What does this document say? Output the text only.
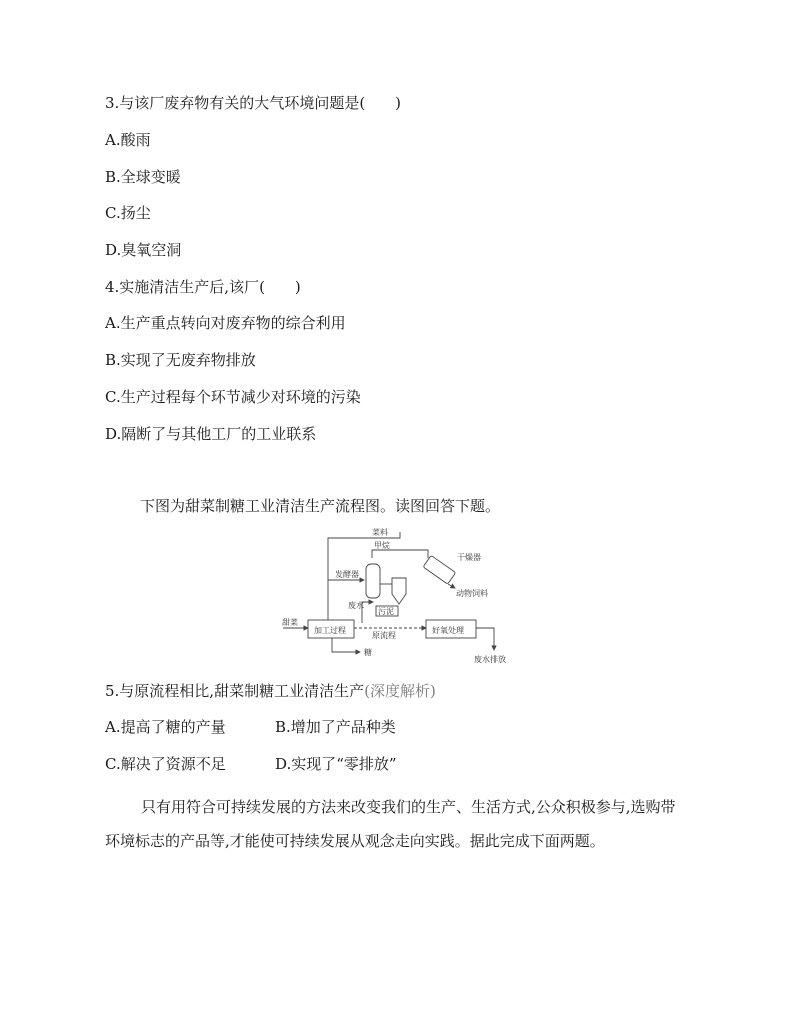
3.与该厂废弃物有关的大气环境问题是(　　)
A.酸雨
B.全球变暖
C.扬尘
D.臭氧空洞
4.实施清洁生产后,该厂(　　)
A.生产重点转向对废弃物的综合利用
B.实现了无废弃物排放
C.生产过程每个环节减少对环境的污染
D.隔断了与其他工厂的工业联系
下图为甜菜制糖工业清洁生产流程图。读图回答下题。
菜料
甲烷
干燥器
动物饲料
发酵器
废水
污泥
甜菜
加工过程
原流程
好氧处理
废水排放
糖
5.与原流程相比,甜菜制糖工业清洁生产(深度解析)
A.提高了糖的产量	B.增加了产品种类
C.解决了资源不足	D.实现了“零排放”
只有用符合可持续发展的方法来改变我们的生产、生活方式,公众积极参与,选购带环境标志的产品等,才能使可持续发展从观念走向实践。据此完成下面两题。
